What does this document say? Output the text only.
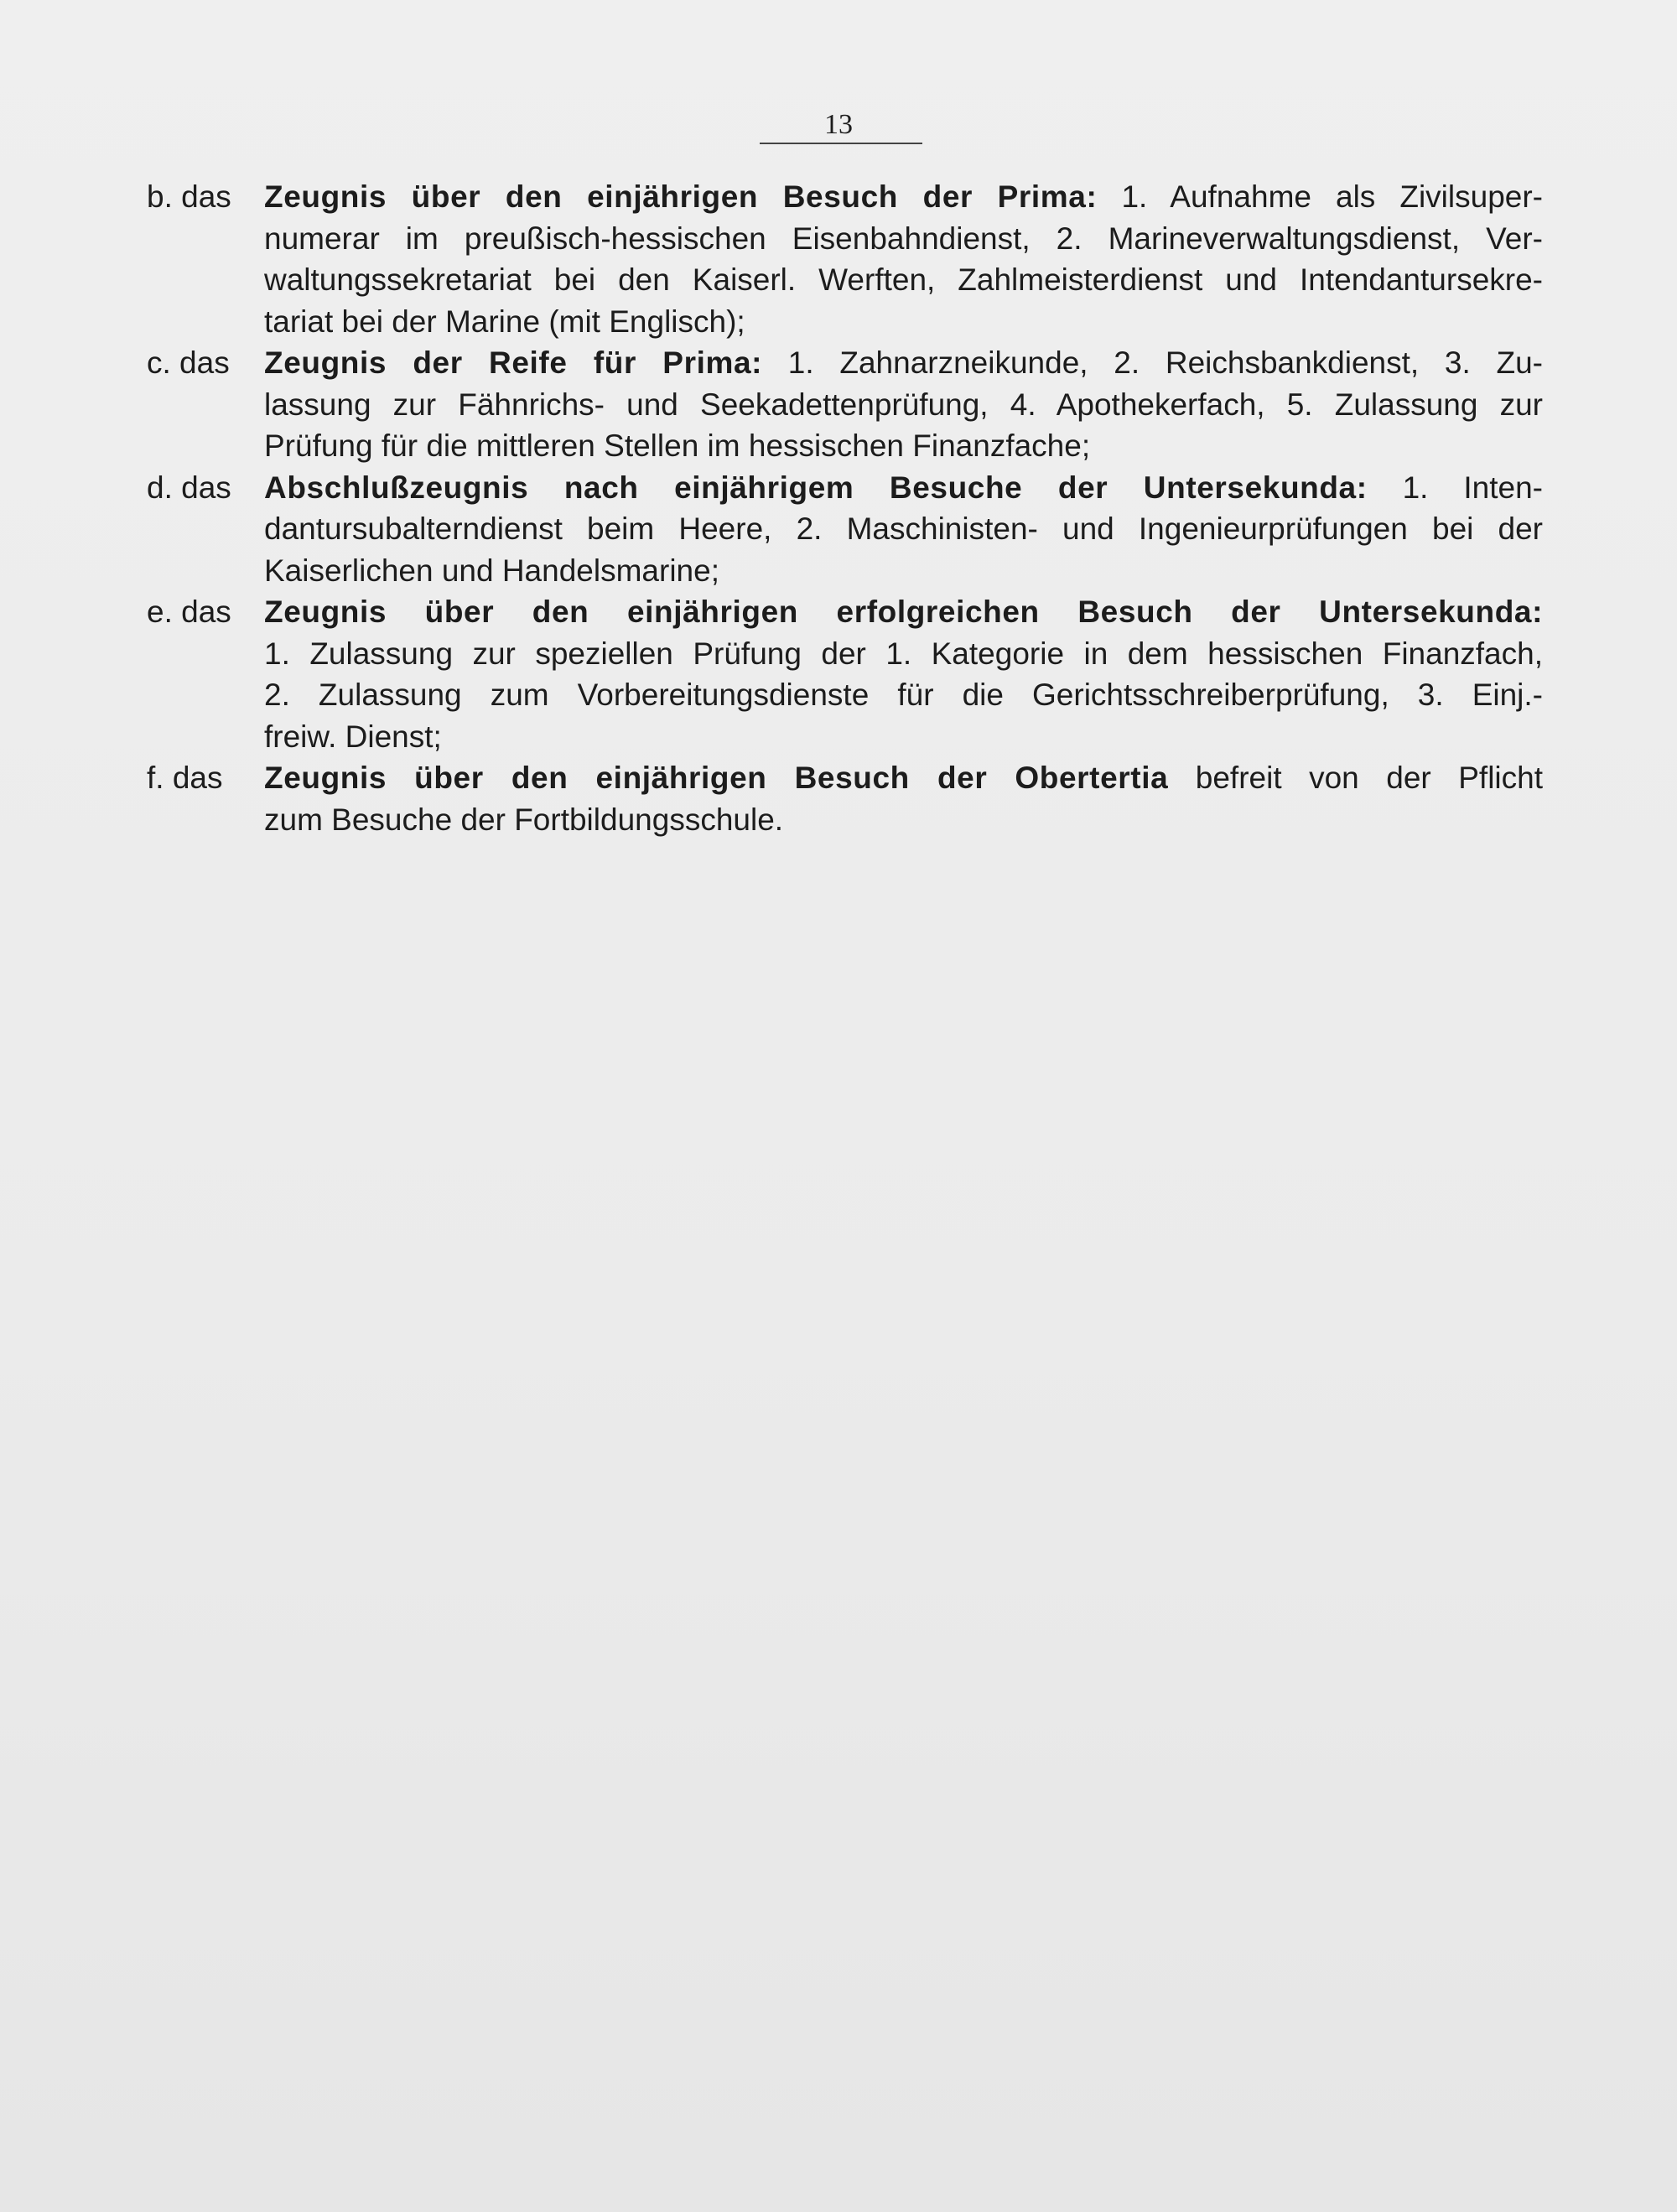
13
b. das Zeugnis über den einjährigen Besuch der Prima: 1. Aufnahme als Zivilsuper-
numerar im preußisch-hessischen Eisenbahndienst, 2. Marineverwaltungsdienst, Ver-
waltungssekretariat bei den Kaiserl. Werften, Zahlmeisterdienst und Intendantursekre-
tariat bei der Marine (mit Englisch);
c. das Zeugnis der Reife für Prima: 1. Zahnarzneikunde, 2. Reichsbankdienst, 3. Zu-
lassung zur Fähnrichs- und Seekadettenprüfung, 4. Apothekerfach, 5. Zulassung zur
Prüfung für die mittleren Stellen im hessischen Finanzfache;
d. das Abschlußzeugnis nach einjährigem Besuche der Untersekunda: 1. Inten-
dantursubalterndienst beim Heere, 2. Maschinisten- und Ingenieurprüfungen bei der
Kaiserlichen und Handelsmarine;
e. das Zeugnis über den einjährigen erfolgreichen Besuch der Untersekunda:
1. Zulassung zur speziellen Prüfung der 1. Kategorie in dem hessischen Finanzfach,
2. Zulassung zum Vorbereitungsdienste für die Gerichtsschreiberprüfung, 3. Einj.-
freiw. Dienst;
f. das Zeugnis über den einjährigen Besuch der Obertertia befreit von der Pflicht
zum Besuche der Fortbildungsschule.
